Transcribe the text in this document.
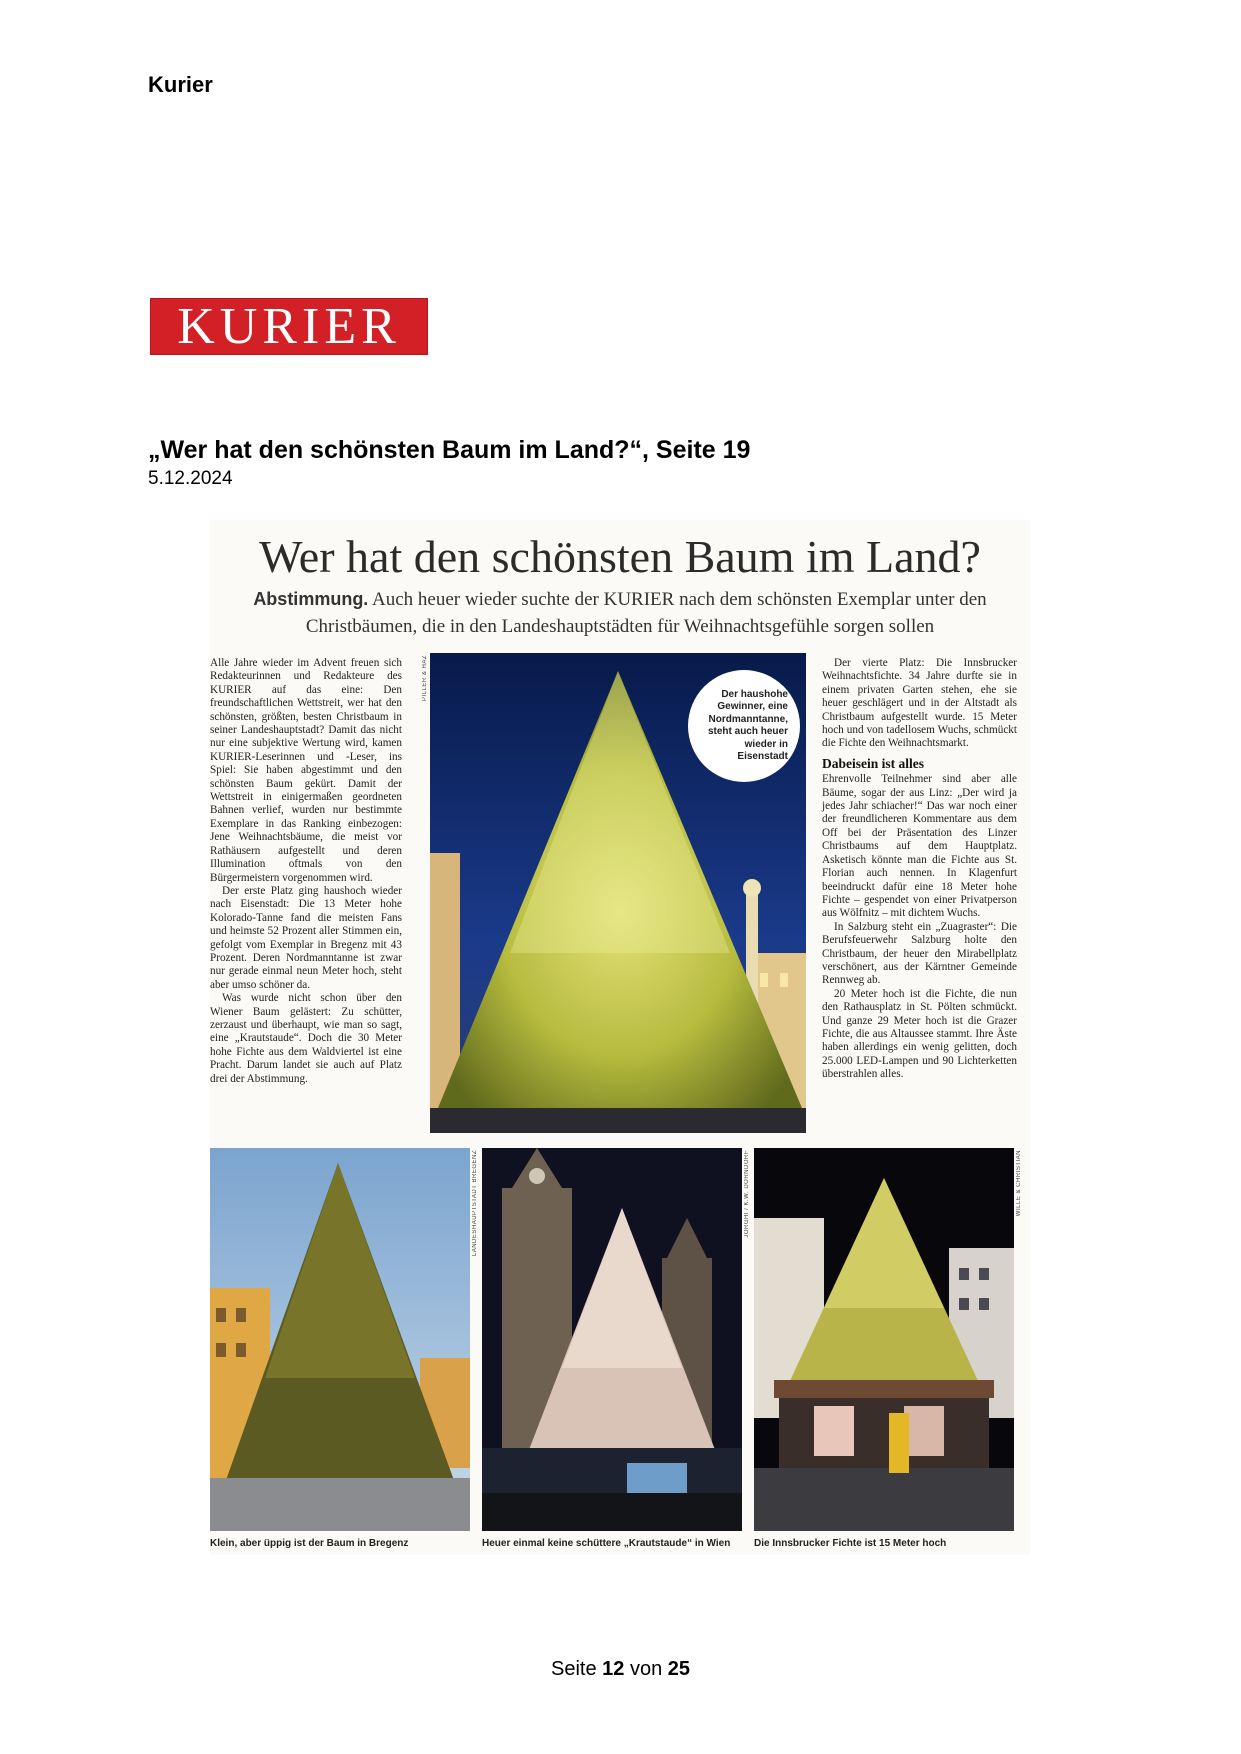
Kurier
KURIER
„Wer hat den schönsten Baum im Land?“, Seite 19
5.12.2024
Wer hat den schönsten Baum im Land?
Abstimmung. Auch heuer wieder suchte der KURIER nach dem schönsten Exemplar unter den Christbäumen, die in den Landeshauptstädten für Weihnachtsgefühle sorgen sollen

Alle Jahre wieder im Advent freuen sich Redakteurinnen und Redakteure des KURIER auf das eine: Den freundschaftlichen Wettstreit, wer hat den schönsten, größten, besten Christbaum in seiner Landeshauptstadt? Damit das nicht nur eine subjektive Wertung wird, kamen KURIER-Leserinnen und -Leser, ins Spiel: Sie haben abgestimmt und den schönsten Baum gekürt. Damit der Wettstreit in einigermaßen geordneten Bahnen verlief, wurden nur bestimmte Exemplare in das Ranking einbezogen: Jene Weihnachtsbäume, die meist vor Rathäusern aufgestellt und deren Illumination oftmals von den Bürgermeistern vorgenommen wird.

Der erste Platz ging haushoch wieder nach Eisenstadt: Die 13 Meter hohe Kolorado-Tanne fand die meisten Fans und heimste 52 Prozent aller Stimmen ein, gefolgt vom Exemplar in Bregenz mit 43 Prozent. Deren Nordmanntanne ist zwar nur gerade einmal neun Meter hoch, steht aber umso schöner da.

Was wurde nicht schon über den Wiener Baum gelästert: Zu schütter, zerzaust und überhaupt, wie man so sagt, eine „Krautstaude“. Doch die 30 Meter hohe Fichte aus dem Waldviertel ist eine Pracht. Darum landet sie auch auf Platz drei der Abstimmung.

PILLER & HAZ	Der haushohe Gewinner, eine Nordmanntanne, steht auch heuer wieder in Eisenstadt

Der vierte Platz: Die Innsbrucker Weihnachtsfichte. 34 Jahre durfte sie in einem privaten Garten stehen, ehe sie heuer geschlägert und in der Altstadt als Christbaum aufgestellt wurde. 15 Meter hoch und von tadellosem Wuchs, schmückt die Fichte den Weihnachtsmarkt.

Dabeisein ist alles

Ehrenvolle Teilnehmer sind aber alle Bäume, sogar der aus Linz: „Der wird ja jedes Jahr schiacher!“ Das war noch einer der freundlicheren Kommentare aus dem Off bei der Präsentation des Linzer Christbaums auf dem Hauptplatz. Asketisch könnte man die Fichte aus St. Florian auch nennen. In Klagenfurt beeindruckt dafür eine 18 Meter hohe Fichte – gespendet von einer Privatperson aus Wölfnitz – mit dichtem Wuchs.

In Salzburg steht ein „Zuagraster“: Die Berufsfeuerwehr Salzburg holte den Christbaum, der heuer den Mirabellplatz verschönert, aus der Kärntner Gemeinde Rennweg ab.

20 Meter hoch ist die Fichte, die nun den Rathausplatz in St. Pölten schmückt. Und ganze 29 Meter hoch ist die Grazer Fichte, die aus Altaussee stammt. Ihre Äste haben allerdings ein wenig gelitten, doch 25.000 LED-Lampen und 90 Lichterketten überstrahlen alles.

LANDESHAUPTSTADT BREGENZ	JORGHI / K.W. DORNDORF	WILLE & CHRISTIAN
Klein, aber üppig ist der Baum in Bregenz	Heuer einmal keine schüttere „Krautstaude“ in Wien Die Innsbrucker Fichte ist 15 Meter hoch
Seite 12 von 25
